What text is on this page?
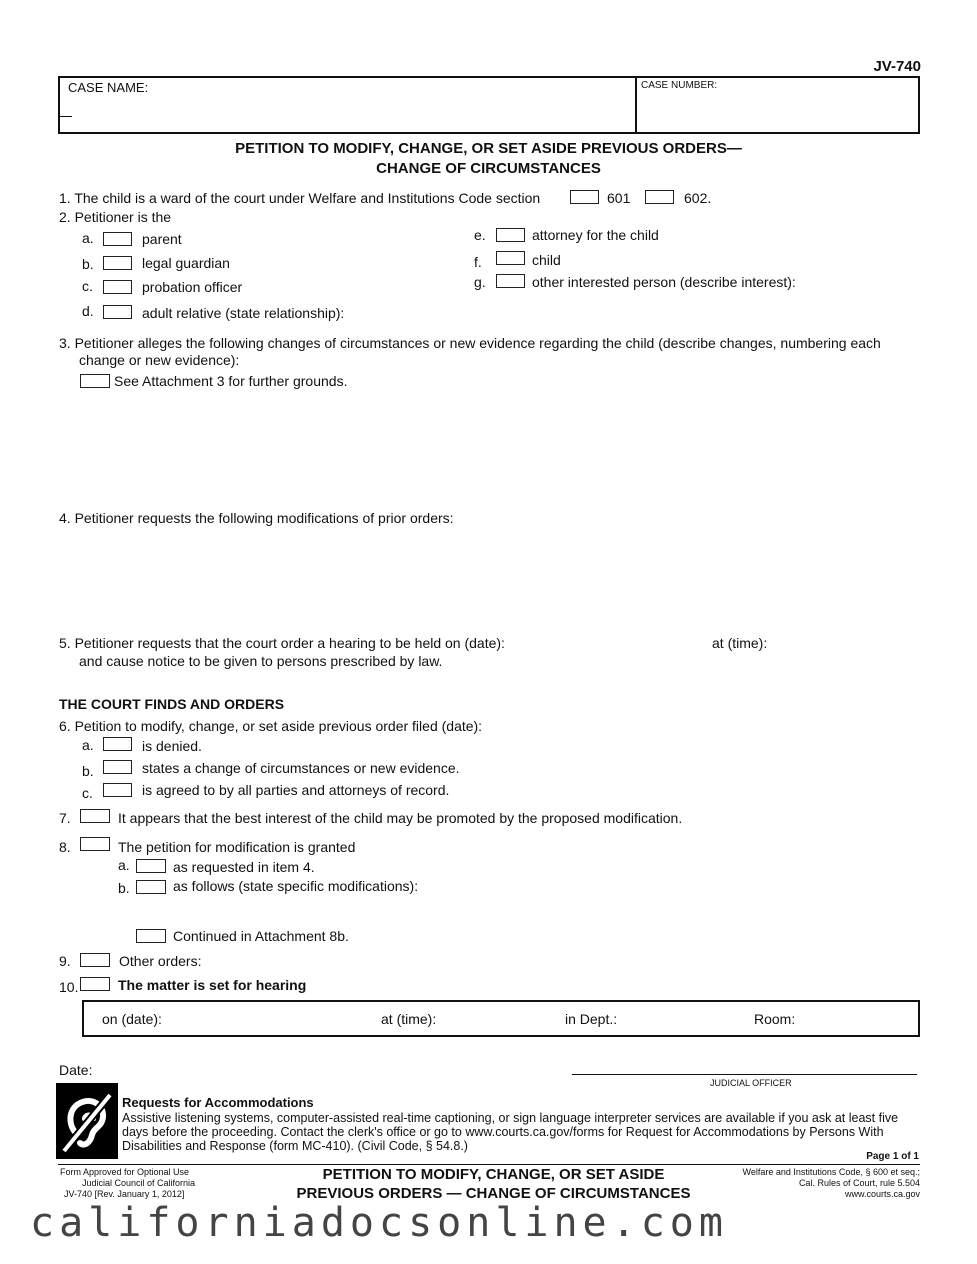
JV-740
CASE NAME:	CASE NUMBER:
PETITION TO MODIFY, CHANGE, OR SET ASIDE PREVIOUS ORDERS—
CHANGE OF CIRCUMSTANCES
1. The child is a ward of the court under Welfare and Institutions Code section	601	602.
2. Petitioner is the
a.	parent
b.	legal guardian
c.	probation officer
d.	adult relative (state relationship):
e.	attorney for the child
f.	child
g.	other interested person (describe interest):
3. Petitioner alleges the following changes of circumstances or new evidence regarding the child (describe changes, numbering each
change or new evidence):
See Attachment 3 for further grounds.
4. Petitioner requests the following modifications of prior orders:
5. Petitioner requests that the court order a hearing to be held on (date):	at (time):
and cause notice to be given to persons prescribed by law.
THE COURT FINDS AND ORDERS
6. Petition to modify, change, or set aside previous order filed (date):
a.	is denied.
b.	states a change of circumstances or new evidence.
c.	is agreed to by all parties and attorneys of record.
7.	It appears that the best interest of the child may be promoted by the proposed modification.
8.	The petition for modification is granted
a.	as requested in item 4.
b.	as follows (state specific modifications):
Continued in Attachment 8b.
9.	Other orders:
10.	The matter is set for hearing
on (date):	at (time):	in Dept.:	Room:
Date:
JUDICIAL OFFICER
Requests for Accommodations
Assistive listening systems, computer-assisted real-time captioning, or sign language interpreter services are available if you ask at least five
days before the proceeding. Contact the clerk's office or go to www.courts.ca.gov/forms for Request for Accommodations by Persons With
Disabilities and Response (form MC-410). (Civil Code, § 54.8.)
Page 1 of 1
Form Approved for Optional Use
Judicial Council of California
JV-740 [Rev. January 1, 2012]
PETITION TO MODIFY, CHANGE, OR SET ASIDE
PREVIOUS ORDERS — CHANGE OF CIRCUMSTANCES
Welfare and Institutions Code, § 600 et seq.;
Cal. Rules of Court, rule 5.504
www.courts.ca.gov
californiadocsonline.com
